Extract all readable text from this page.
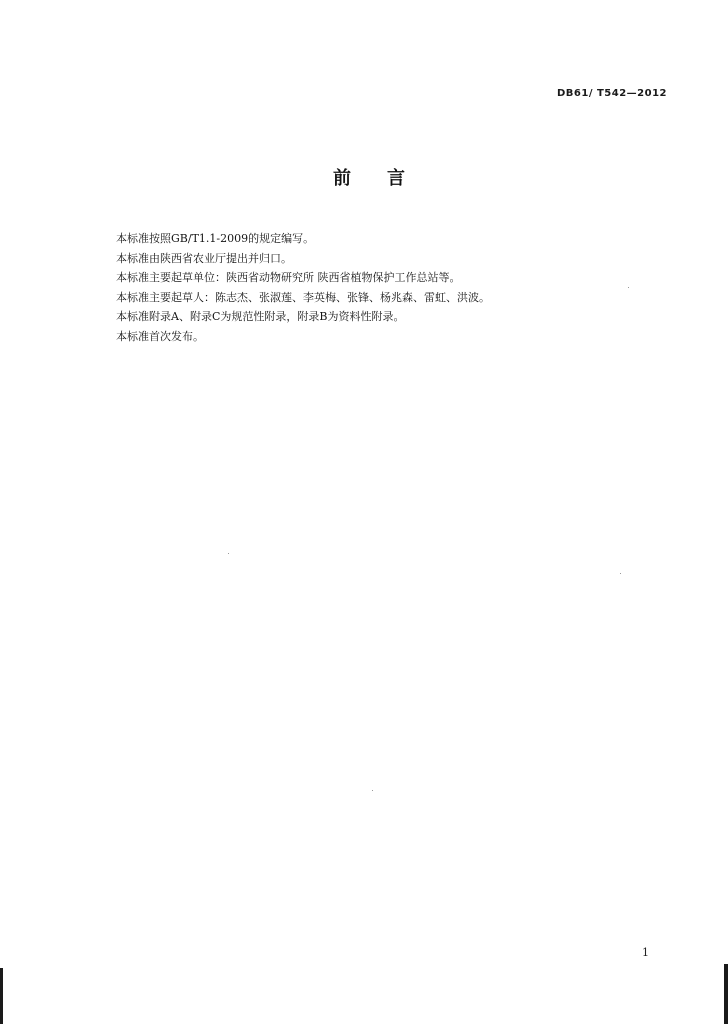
DB61/ T542—2012
前 言
本标准按照GB/T1.1-2009的规定编写。
本标准由陕西省农业厅提出并归口。
本标准主要起草单位：陕西省动物研究所 陕西省植物保护工作总站等。
本标准主要起草人：陈志杰、张淑莲、李英梅、张锋、杨兆森、雷虹、洪波。
本标准附录A、附录C为规范性附录，附录B为资料性附录。
本标准首次发布。
1
